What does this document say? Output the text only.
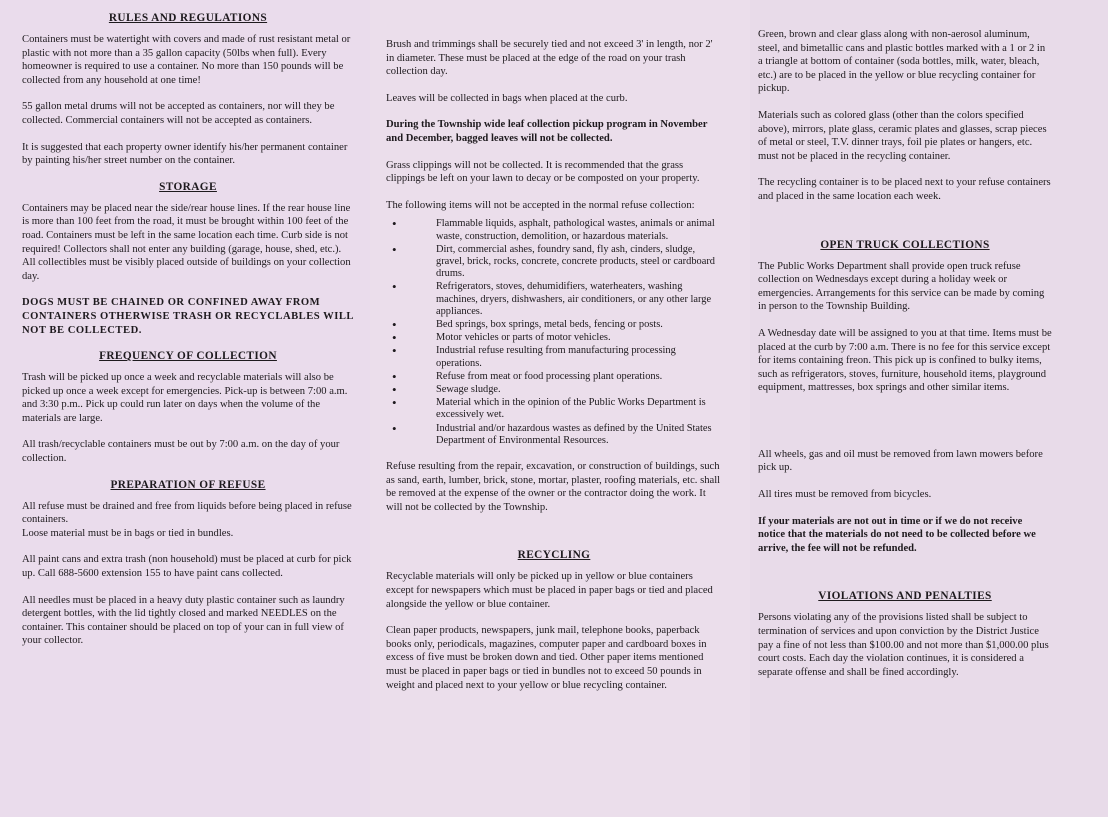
RULES AND REGULATIONS

Containers must be watertight with covers and made of rust resistant metal or plastic with not more than a 35 gallon capacity (50lbs when full). Every homeowner is required to use a container. No more than 150 pounds will be collected from any household at one time!

55 gallon metal drums will not be accepted as containers, nor will they be collected. Commercial containers will not be accepted as containers.

It is suggested that each property owner identify his/her permanent container by painting his/her street number on the container.

STORAGE

Containers may be placed near the side/rear house lines. If the rear house line is more than 100 feet from the road, it must be brought within 100 feet of the road. Containers must be left in the same location each time. Curb side is not required! Collectors shall not enter any building (garage, house, shed, etc.). All collectibles must be visibly placed outside of buildings on your collection day.

DOGS MUST BE CHAINED OR CONFINED AWAY FROM CONTAINERS OTHERWISE TRASH OR RECYCLABLES WILL NOT BE COLLECTED.

FREQUENCY OF COLLECTION

Trash will be picked up once a week and recyclable materials will also be picked up once a week except for emergencies. Pick-up is between 7:00 a.m. and 3:30 p.m.. Pick up could run later on days when the volume of the materials are large.

All trash/recyclable containers must be out by 7:00 a.m. on the day of your collection.

PREPARATION OF REFUSE

All refuse must be drained and free from liquids before being placed in refuse containers.

Loose material must be in bags or tied in bundles.

All paint cans and extra trash (non household) must be placed at curb for pick up. Call 688-5600 extension 155 to have paint cans collected.

All needles must be placed in a heavy duty plastic container such as laundry detergent bottles, with the lid tightly closed and marked NEEDLES on the container. This container should be placed on top of your can in full view of your collector.

Brush and trimmings shall be securely tied and not exceed 3' in length, nor 2' in diameter. These must be placed at the edge of the road on your trash collection day.

Leaves will be collected in bags when placed at the curb.

During the Township wide leaf collection pickup program in November and December, bagged leaves will not be collected.

Grass clippings will not be collected. It is recommended that the grass clippings be left on your lawn to decay or be composted on your property.

The following items will not be accepted in the normal refuse collection:

• Flammable liquids, asphalt, pathological wastes, animals or animal waste, construction, demolition, or hazardous materials.
• Dirt, commercial ashes, foundry sand, fly ash, cinders, sludge, gravel, brick, rocks, concrete, concrete products, steel or cardboard drums.
• Refrigerators, stoves, dehumidifiers, waterheaters, washing machines, dryers, dishwashers, air conditioners, or any other large appliances.
• Bed springs, box springs, metal beds, fencing or posts.
• Motor vehicles or parts of motor vehicles.
• Industrial refuse resulting from manufacturing processing operations.
• Refuse from meat or food processing plant operations.
• Sewage sludge.
• Material which in the opinion of the Public Works Department is excessively wet.
• Industrial and/or hazardous wastes as defined by the United States Department of Environmental Resources.

Refuse resulting from the repair, excavation, or construction of buildings, such as sand, earth, lumber, brick, stone, mortar, plaster, roofing materials, etc. shall be removed at the expense of the owner or the contractor doing the work. It will not be collected by the Township.

RECYCLING

Recyclable materials will only be picked up in yellow or blue containers except for newspapers which must be placed in paper bags or tied and placed alongside the yellow or blue container.

Clean paper products, newspapers, junk mail, telephone books, paperback books only, periodicals, magazines, computer paper and cardboard boxes in excess of five must be broken down and tied. Other paper items mentioned must be placed in paper bags or tied in bundles not to exceed 50 pounds in weight and placed next to your yellow or blue recycling container.

Green, brown and clear glass along with non-aerosol aluminum, steel, and bimetallic cans and plastic bottles marked with a 1 or 2 in a triangle at bottom of container (soda bottles, milk, water, bleach, etc.) are to be placed in the yellow or blue recycling container for pickup.

Materials such as colored glass (other than the colors specified above), mirrors, plate glass, ceramic plates and glasses, scrap pieces of metal or steel, T.V. dinner trays, foil pie plates or hangers, etc. must not be placed in the recycling container.

The recycling container is to be placed next to your refuse containers and placed in the same location each week.

OPEN TRUCK COLLECTIONS

The Public Works Department shall provide open truck refuse collection on Wednesdays except during a holiday week or emergencies. Arrangements for this service can be made by coming in person to the Township Building.

A Wednesday date will be assigned to you at that time. Items must be placed at the curb by 7:00 a.m. There is no fee for this service except for items containing freon. This pick up is confined to bulky items, such as refrigerators, stoves, furniture, household items, playground equipment, mattresses, box springs and other similar items.

All wheels, gas and oil must be removed from lawn mowers before pick up.

All tires must be removed from bicycles.

If your materials are not out in time or if we do not receive notice that the materials do not need to be collected before we arrive, the fee will not be refunded.

VIOLATIONS AND PENALTIES

Persons violating any of the provisions listed shall be subject to termination of services and upon conviction by the District Justice pay a fine of not less than $100.00 and not more than $1,000.00 plus court costs. Each day the violation continues, it is considered a separate offense and shall be fined accordingly.
